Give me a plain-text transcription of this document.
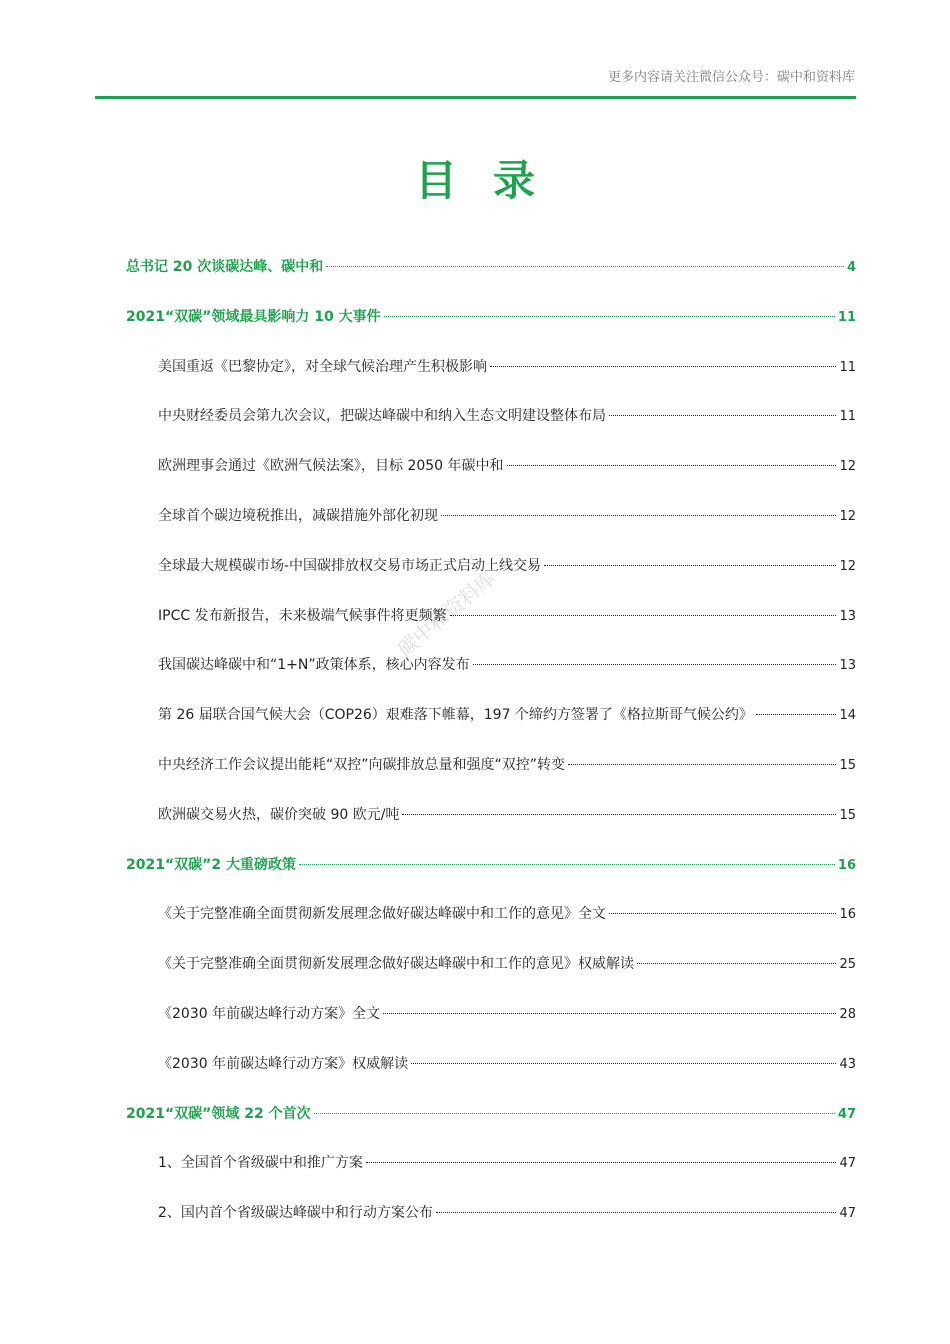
更多内容请关注微信公众号：碳中和资料库
目录
碳中和资料库
总书记 20 次谈碳达峰、碳中和	4
2021“双碳”领域最具影响力 10 大事件	11
美国重返《巴黎协定》，对全球气候治理产生积极影响	11
中央财经委员会第九次会议，把碳达峰碳中和纳入生态文明建设整体布局	11
欧洲理事会通过《欧洲气候法案》，目标 2050 年碳中和	12
全球首个碳边境税推出，减碳措施外部化初现	12
全球最大规模碳市场-中国碳排放权交易市场正式启动上线交易	12
IPCC 发布新报告，未来极端气候事件将更频繁	13
我国碳达峰碳中和“1+N”政策体系，核心内容发布	13
第 26 届联合国气候大会（COP26）艰难落下帷幕，197 个缔约方签署了《格拉斯哥气候公约》	14
中央经济工作会议提出能耗“双控”向碳排放总量和强度“双控”转变	15
欧洲碳交易火热，碳价突破 90 欧元/吨	15
2021“双碳”2 大重磅政策	16
《关于完整准确全面贯彻新发展理念做好碳达峰碳中和工作的意见》全文	16
《关于完整准确全面贯彻新发展理念做好碳达峰碳中和工作的意见》权威解读	25
《2030 年前碳达峰行动方案》全文	28
《2030 年前碳达峰行动方案》权威解读	43
2021“双碳”领域 22 个首次	47
1、全国首个省级碳中和推广方案	47
2、国内首个省级碳达峰碳中和行动方案公布	47
